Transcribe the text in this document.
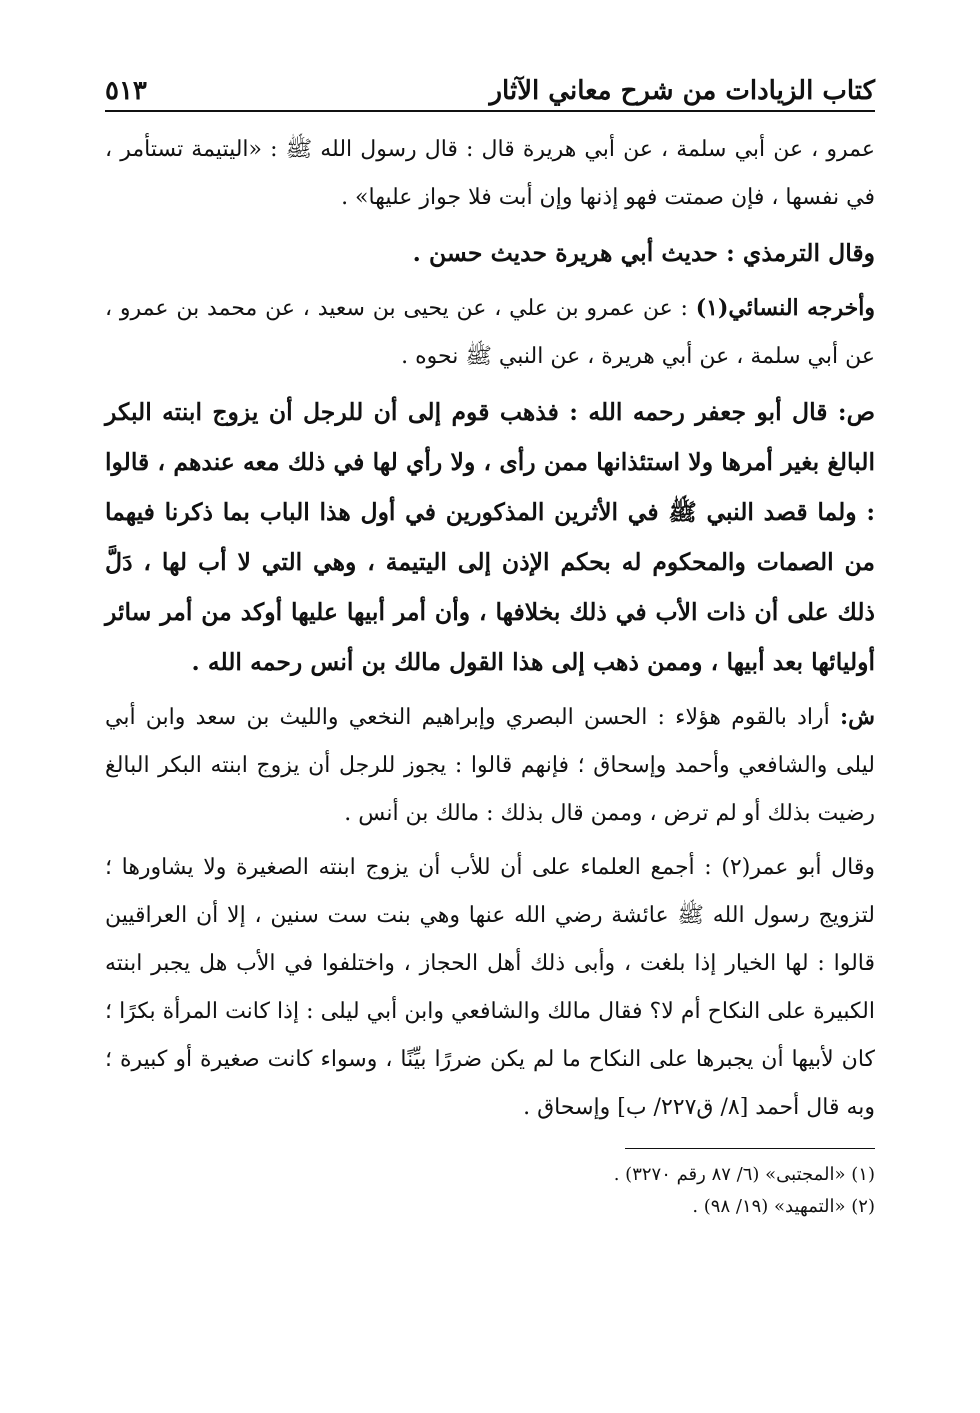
كتاب الزيادات من شرح معاني الآثار
٥١٣

عمرو ، عن أبي سلمة ، عن أبي هريرة قال : قال رسول الله ﷺ : «اليتيمة تستأمر ، في نفسها ، فإن صمتت فهو إذنها وإن أبت فلا جواز عليها» .

وقال الترمذي : حديث أبي هريرة حديث حسن .

وأخرجه النسائي(١) : عن عمرو بن علي ، عن يحيى بن سعيد ، عن محمد بن عمرو ، عن أبي سلمة ، عن أبي هريرة ، عن النبي ﷺ نحوه .

ص: قال أبو جعفر رحمه الله : فذهب قوم إلى أن للرجل أن يزوج ابنته البكر البالغ بغير أمرها ولا استئذانها ممن رأى ، ولا رأي لها في ذلك معه عندهم ، قالوا : ولما قصد النبي ﷺ في الأثرين المذكورين في أول هذا الباب بما ذكرنا فيهما من الصمات والمحكوم له بحكم الإذن إلى اليتيمة ، وهي التي لا أب لها ، دَلَّ ذلك على أن ذات الأب في ذلك بخلافها ، وأن أمر أبيها عليها أوكد من أمر سائر أوليائها بعد أبيها ، وممن ذهب إلى هذا القول مالك بن أنس رحمه الله .

ش: أراد بالقوم هؤلاء : الحسن البصري وإبراهيم النخعي والليث بن سعد وابن أبي ليلى والشافعي وأحمد وإسحاق ؛ فإنهم قالوا : يجوز للرجل أن يزوج ابنته البكر البالغ رضيت بذلك أو لم ترض ، وممن قال بذلك : مالك بن أنس .

وقال أبو عمر(٢) : أجمع العلماء على أن للأب أن يزوج ابنته الصغيرة ولا يشاورها ؛ لتزويج رسول الله ﷺ عائشة رضي الله عنها وهي بنت ست سنين ، إلا أن العراقيين قالوا : لها الخيار إذا بلغت ، وأبى ذلك أهل الحجاز ، واختلفوا في الأب هل يجبر ابنته الكبيرة على النكاح أم لا؟ فقال مالك والشافعي وابن أبي ليلى : إذا كانت المرأة بكرًا ؛ كان لأبيها أن يجبرها على النكاح ما لم يكن ضررًا بيِّنًا ، وسواء كانت صغيرة أو كبيرة ؛ وبه قال أحمد [٨/ ق٢٢٧/ ب] وإسحاق .

(١) «المجتبى» (٦/ ٨٧ رقم ٣٢٧٠) .

(٢) «التمهيد» (١٩/ ٩٨) .
